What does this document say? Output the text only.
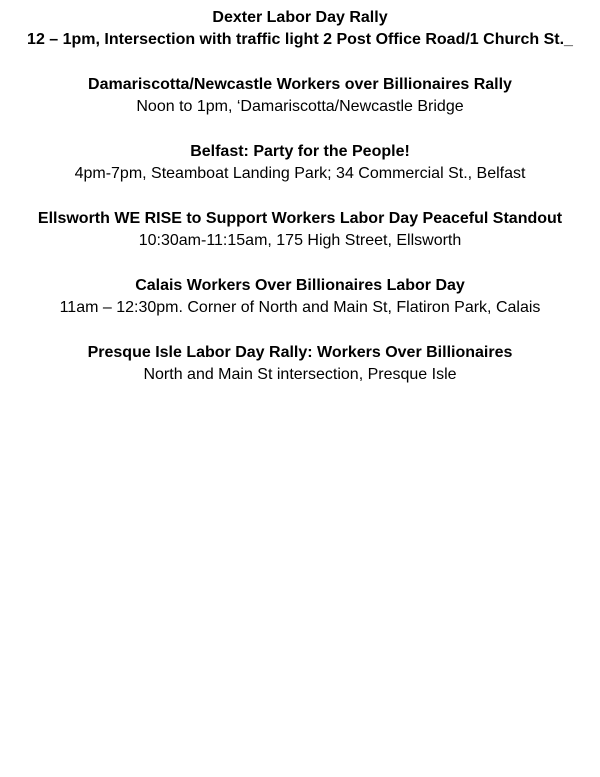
Dexter Labor Day Rally
12 – 1pm, Intersection with traffic light 2 Post Office Road/1 Church St._
Damariscotta/Newcastle Workers over Billionaires Rally
Noon to 1pm, ‘Damariscotta/Newcastle Bridge
Belfast: Party for the People!
4pm-7pm, Steamboat Landing Park; 34 Commercial St., Belfast
Ellsworth WE RISE to Support Workers Labor Day Peaceful Standout
10:30am-11:15am, 175 High Street, Ellsworth
Calais Workers Over Billionaires Labor Day
11am – 12:30pm. Corner of North and Main St, Flatiron Park, Calais
Presque Isle Labor Day Rally: Workers Over Billionaires
North and Main St intersection, Presque Isle
